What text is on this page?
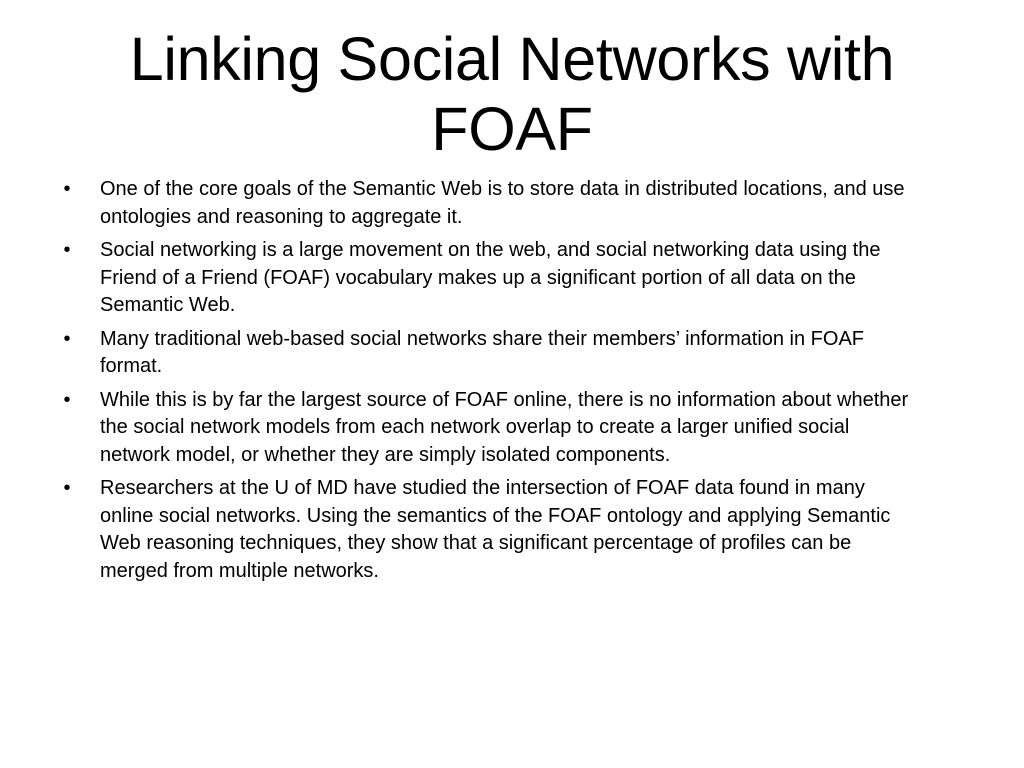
Linking Social Networks with FOAF
• One of the core goals of the Semantic Web is to store data in distributed locations, and use ontologies and reasoning to aggregate it.
• Social networking is a large movement on the web, and social networking data using the Friend of a Friend (FOAF) vocabulary makes up a significant portion of all data on the Semantic Web.
• Many traditional web-based social networks share their members’ information in FOAF format.
• While this is by far the largest source of FOAF online, there is no information about whether the social network models from each network overlap to create a larger unified social network model, or whether they are simply isolated components.
• Researchers at the U of MD have studied the intersection of FOAF data found in many online social networks. Using the semantics of the FOAF ontology and applying Semantic Web reasoning techniques, they show that a significant percentage of profiles can be merged from multiple networks.
